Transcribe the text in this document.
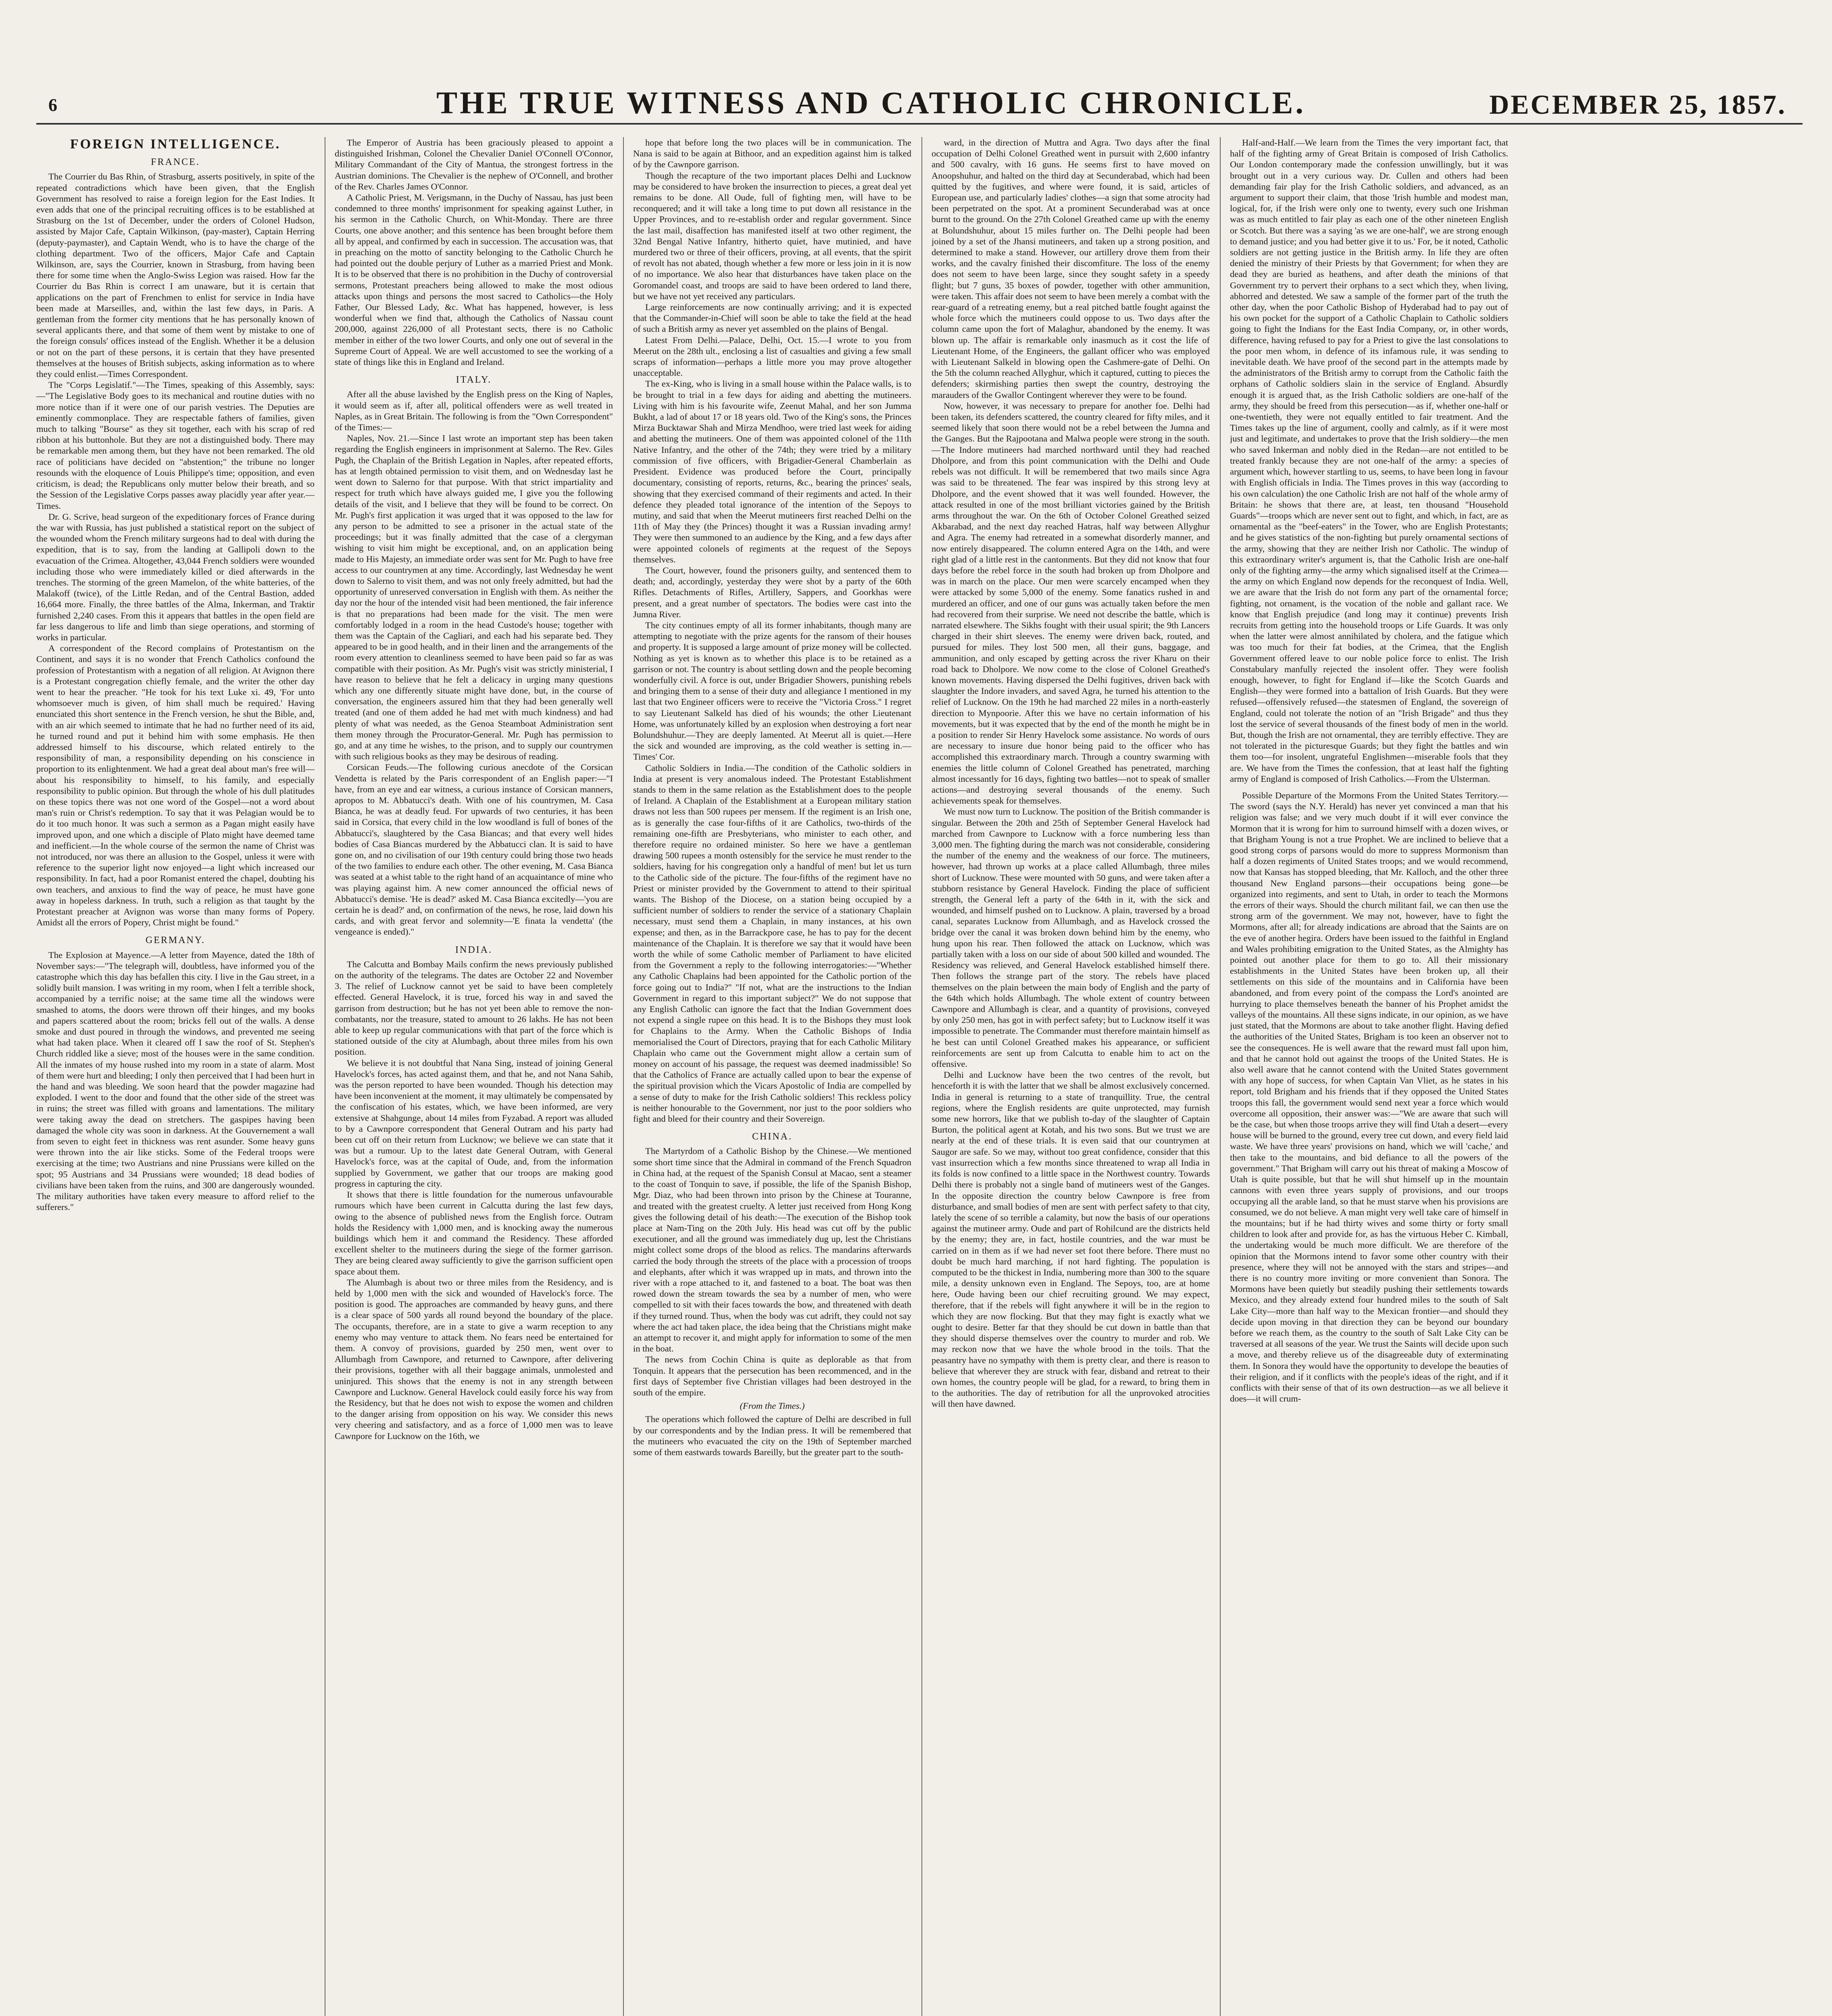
6	THE TRUE WITNESS AND CATHOLIC CHRONICLE.	DECEMBER 25, 1857.
FOREIGN INTELLIGENCE.
FRANCE.

The Courrier du Bas Rhin, of Strasburg, asserts positively, in spite of the repeated contradictions which have been given, that the English Government has resolved to raise a foreign legion for the East Indies. It even adds that one of the principal recruiting offices is to be established at Strasburg on the 1st of December, under the orders of Colonel Hudson, assisted by Major Cafe, Captain Wilkinson, (pay-master), Captain Herring (deputy-paymaster), and Captain Wendt, who is to have the charge of the clothing department. Two of the officers, Major Cafe and Captain Wilkinson, are, says the Courrier, known in Strasburg, from having been there for some time when the Anglo-Swiss Legion was raised. How far the Courrier du Bas Rhin is correct I am unaware, but it is certain that applications on the part of Frenchmen to enlist for service in India have been made at Marseilles, and, within the last few days, in Paris. A gentleman from the former city mentions that he has personally known of several applicants there, and that some of them went by mistake to one of the foreign consuls' offices instead of the English. Whether it be a delusion or not on the part of these persons, it is certain that they have presented themselves at the houses of British subjects, asking information as to where they could enlist.—Times Correspondent.

The "Corps Legislatif."—The Times, speaking of this Assembly, says:—"The Legislative Body goes to its mechanical and routine duties with no more notice than if it were one of our parish vestries. The Deputies are eminently commonplace. They are respectable fathers of families, given much to talking "Bourse" as they sit together, each with his scrap of red ribbon at his buttonhole. But they are not a distinguished body. There may be remarkable men among them, but they have not been remarked. The old race of politicians have decided on "abstention;" the tribune no longer resounds with the eloquence of Louis Philippe's time; opposition, and even criticism, is dead; the Republicans only mutter below their breath, and so the Session of the Legislative Corps passes away placidly year after year.—Times.

Dr. G. Scrive, head surgeon of the expeditionary forces of France during the war with Russia, has just published a statistical report on the subject of the wounded whom the French military surgeons had to deal with during the expedition, that is to say, from the landing at Gallipoli down to the evacuation of the Crimea. Altogether, 43,044 French soldiers were wounded including those who were immediately killed or died afterwards in the trenches. The storming of the green Mamelon, of the white batteries, of the Malakoff (twice), of the Little Redan, and of the Central Bastion, added 16,664 more. Finally, the three battles of the Alma, Inkerman, and Traktir furnished 2,240 cases. From this it appears that battles in the open field are far less dangerous to life and limb than siege operations, and storming of works in particular.

A correspondent of the Record complains of Protestantism on the Continent, and says it is no wonder that French Catholics confound the profession of Protestantism with a negation of all religion. At Avignon there is a Protestant congregation chiefly female, and the writer the other day went to hear the preacher. "He took for his text Luke xi. 49, 'For unto whomsoever much is given, of him shall much be required.' Having enunciated this short sentence in the French version, he shut the Bible, and, with an air which seemed to intimate that he had no further need of its aid, he turned round and put it behind him with some emphasis. He then addressed himself to his discourse, which related entirely to the responsibility of man, a responsibility depending on his conscience in proportion to its enlightenment. We had a great deal about man's free will—about his responsibility to himself, to his family, and especially responsibility to public opinion. But through the whole of his dull platitudes on these topics there was not one word of the Gospel—not a word about man's ruin or Christ's redemption. To say that it was Pelagian would be to do it too much honor. It was such a sermon as a Pagan might easily have improved upon, and one which a disciple of Plato might have deemed tame and inefficient.—In the whole course of the sermon the name of Christ was not introduced, nor was there an allusion to the Gospel, unless it were with reference to the superior light now enjoyed—a light which increased our responsibility. In fact, had a poor Romanist entered the chapel, doubting his own teachers, and anxious to find the way of peace, he must have gone away in hopeless darkness. In truth, such a religion as that taught by the Protestant preacher at Avignon was worse than many forms of Popery. Amidst all the errors of Popery, Christ might be found."

GERMANY.

The Explosion at Mayence.—A letter from Mayence, dated the 18th of November says:—"The telegraph will, doubtless, have informed you of the catastrophe which this day has befallen this city. I live in the Gau street, in a solidly built mansion. I was writing in my room, when I felt a terrible shock, accompanied by a terrific noise; at the same time all the windows were smashed to atoms, the doors were thrown off their hinges, and my books and papers scattered about the room; bricks fell out of the walls. A dense smoke and dust poured in through the windows, and prevented me seeing what had taken place. When it cleared off I saw the roof of St. Stephen's Church riddled like a sieve; most of the houses were in the same condition. All the inmates of my house rushed into my room in a state of alarm. Most of them were hurt and bleeding; I only then perceived that I had been hurt in the hand and was bleeding. We soon heard that the powder magazine had exploded. I went to the door and found that the other side of the street was in ruins; the street was filled with groans and lamentations. The military were taking away the dead on stretchers. The gaspipes having been damaged the whole city was soon in darkness. At the Gouvernement a wall from seven to eight feet in thickness was rent asunder. Some heavy guns were thrown into the air like sticks. Some of the Federal troops were exercising at the time; two Austrians and nine Prussians were killed on the spot; 95 Austrians and 34 Prussians were wounded; 18 dead bodies of civilians have been taken from the ruins, and 300 are dangerously wounded. The military authorities have taken every measure to afford relief to the sufferers."

The Emperor of Austria has been graciously pleased to appoint a distinguished Irishman, Colonel the Chevalier Daniel O'Connell O'Connor, Military Commandant of the City of Mantua, the strongest fortress in the Austrian dominions. The Chevalier is the nephew of O'Connell, and brother of the Rev. Charles James O'Connor.

A Catholic Priest, M. Verigsmann, in the Duchy of Nassau, has just been condemned to three months' imprisonment for speaking against Luther, in his sermon in the Catholic Church, on Whit-Monday. There are three Courts, one above another; and this sentence has been brought before them all by appeal, and confirmed by each in succession. The accusation was, that in preaching on the motto of sanctity belonging to the Catholic Church he had pointed out the double perjury of Luther as a married Priest and Monk. It is to be observed that there is no prohibition in the Duchy of controversial sermons, Protestant preachers being allowed to make the most odious attacks upon things and persons the most sacred to Catholics—the Holy Father, Our Blessed Lady, &c. What has happened, however, is less wonderful when we find that, although the Catholics of Nassau count 200,000, against 226,000 of all Protestant sects, there is no Catholic member in either of the two lower Courts, and only one out of several in the Supreme Court of Appeal. We are well accustomed to see the working of a state of things like this in England and Ireland.

ITALY.

After all the abuse lavished by the English press on the King of Naples, it would seem as if, after all, political offenders were as well treated in Naples, as in Great Britain. The following is from the "Own Correspondent" of the Times:—

Naples, Nov. 21.—Since I last wrote an important step has been taken regarding the English engineers in imprisonment at Salerno. The Rev. Giles Pugh, the Chaplain of the British Legation in Naples, after repeated efforts, has at length obtained permission to visit them, and on Wednesday last he went down to Salerno for that purpose. With that strict impartiality and respect for truth which have always guided me, I give you the following details of the visit, and I believe that they will be found to be correct. On Mr. Pugh's first application it was urged that it was opposed to the law for any person to be admitted to see a prisoner in the actual state of the proceedings; but it was finally admitted that the case of a clergyman wishing to visit him might be exceptional, and, on an application being made to His Majesty, an immediate order was sent for Mr. Pugh to have free access to our countrymen at any time. Accordingly, last Wednesday he went down to Salerno to visit them, and was not only freely admitted, but had the opportunity of unreserved conversation in English with them. As neither the day nor the hour of the intended visit had been mentioned, the fair inference is that no preparations had been made for the visit. The men were comfortably lodged in a room in the head Custode's house; together with them was the Captain of the Cagliari, and each had his separate bed. They appeared to be in good health, and in their linen and the arrangements of the room every attention to cleanliness seemed to have been paid so far as was compatible with their position. As Mr. Pugh's visit was strictly ministerial, I have reason to believe that he felt a delicacy in urging many questions which any one differently situate might have done, but, in the course of conversation, the engineers assured him that they had been generally well treated (and one of them added he had met with much kindness) and had plenty of what was needed, as the Genoa Steamboat Administration sent them money through the Procurator-General. Mr. Pugh has permission to go, and at any time he wishes, to the prison, and to supply our countrymen with such religious books as they may be desirous of reading.

Corsican Feuds.—The following curious anecdote of the Corsican Vendetta is related by the Paris correspondent of an English paper:—"I have, from an eye and ear witness, a curious instance of Corsican manners, apropos to M. Abbatucci's death. With one of his countrymen, M. Casa Bianca, he was at deadly feud. For upwards of two centuries, it has been said in Corsica, that every child in the low woodland is full of bones of the Abbatucci's, slaughtered by the Casa Biancas; and that every well hides bodies of Casa Biancas murdered by the Abbatucci clan. It is said to have gone on, and no civilisation of our 19th century could bring those two heads of the two families to endure each other. The other evening, M. Casa Bianca was seated at a whist table to the right hand of an acquaintance of mine who was playing against him. A new comer announced the official news of Abbatucci's demise. 'He is dead?' asked M. Casa Bianca excitedly—'you are certain he is dead?' and, on confirmation of the news, he rose, laid down his cards, and with great fervor and solemnity—'E finata la vendetta' (the vengeance is ended)."

INDIA.

The Calcutta and Bombay Mails confirm the news previously published on the authority of the telegrams. The dates are October 22 and November 3. The relief of Lucknow cannot yet be said to have been completely effected. General Havelock, it is true, forced his way in and saved the garrison from destruction; but he has not yet been able to remove the non-combatants, nor the treasure, stated to amount to 26 lakhs. He has not been able to keep up regular communications with that part of the force which is stationed outside of the city at Alumbagh, about three miles from his own position.

We believe it is not doubtful that Nana Sing, instead of joining General Havelock's forces, has acted against them, and that he, and not Nana Sahib, was the person reported to have been wounded. Though his detection may have been inconvenient at the moment, it may ultimately be compensated by the confiscation of his estates, which, we have been informed, are very extensive at Shahgunge, about 14 miles from Fyzabad. A report was alluded to by a Cawnpore correspondent that General Outram and his party had been cut off on their return from Lucknow; we believe we can state that it was but a rumour. Up to the latest date General Outram, with General Havelock's force, was at the capital of Oude, and, from the information supplied by Government, we gather that our troops are making good progress in capturing the city.

It shows that there is little foundation for the numerous unfavourable rumours which have been current in Calcutta during the last few days, owing to the absence of published news from the English force. Outram holds the Residency with 1,000 men, and is knocking away the numerous buildings which hem it and command the Residency. These afforded excellent shelter to the mutineers during the siege of the former garrison. They are being cleared away sufficiently to give the garrison sufficient open space about them.

The Alumbagh is about two or three miles from the Residency, and is held by 1,000 men with the sick and wounded of Havelock's force. The position is good. The approaches are commanded by heavy guns, and there is a clear space of 500 yards all round beyond the boundary of the place. The occupants, therefore, are in a state to give a warm reception to any enemy who may venture to attack them. No fears need be entertained for them. A convoy of provisions, guarded by 250 men, went over to Allumbagh from Cawnpore, and returned to Cawnpore, after delivering their provisions, together with all their baggage animals, unmolested and uninjured. This shows that the enemy is not in any strength between Cawnpore and Lucknow. General Havelock could easily force his way from the Residency, but that he does not wish to expose the women and children to the danger arising from opposition on his way. We consider this news very cheering and satisfactory, and as a force of 1,000 men was to leave Cawnpore for Lucknow on the 16th, we

hope that before long the two places will be in communication. The Nana is said to be again at Bithoor, and an expedition against him is talked of by the Cawnpore garrison.

Though the recapture of the two important places Delhi and Lucknow may be considered to have broken the insurrection to pieces, a great deal yet remains to be done. All Oude, full of fighting men, will have to be reconquered; and it will take a long time to put down all resistance in the Upper Provinces, and to re-establish order and regular government. Since the last mail, disaffection has manifested itself at two other regiment, the 32nd Bengal Native Infantry, hitherto quiet, have mutinied, and have murdered two or three of their officers, proving, at all events, that the spirit of revolt has not abated, though whether a few more or less join in it is now of no importance. We also hear that disturbances have taken place on the Goromandel coast, and troops are said to have been ordered to land there, but we have not yet received any particulars.

Large reinforcements are now continually arriving; and it is expected that the Commander-in-Chief will soon be able to take the field at the head of such a British army as never yet assembled on the plains of Bengal.

Latest From Delhi.—Palace, Delhi, Oct. 15.—I wrote to you from Meerut on the 28th ult., enclosing a list of casualties and giving a few small scraps of information—perhaps a little more you may prove altogether unacceptable.

The ex-King, who is living in a small house within the Palace walls, is to be brought to trial in a few days for aiding and abetting the mutineers. Living with him is his favourite wife, Zeenut Mahal, and her son Jumma Bukht, a lad of about 17 or 18 years old. Two of the King's sons, the Princes Mirza Bucktawar Shah and Mirza Mendhoo, were tried last week for aiding and abetting the mutineers. One of them was appointed colonel of the 11th Native Infantry, and the other of the 74th; they were tried by a military commission of five officers, with Brigadier-General Chamberlain as President. Evidence was produced before the Court, principally documentary, consisting of reports, returns, &c., bearing the princes' seals, showing that they exercised command of their regiments and acted. In their defence they pleaded total ignorance of the intention of the Sepoys to mutiny, and said that when the Meerut mutineers first reached Delhi on the 11th of May they (the Princes) thought it was a Russian invading army! They were then summoned to an audience by the King, and a few days after were appointed colonels of regiments at the request of the Sepoys themselves.

The Court, however, found the prisoners guilty, and sentenced them to death; and, accordingly, yesterday they were shot by a party of the 60th Rifles. Detachments of Rifles, Artillery, Sappers, and Goorkhas were present, and a great number of spectators. The bodies were cast into the Jumna River.

The city continues empty of all its former inhabitants, though many are attempting to negotiate with the prize agents for the ransom of their houses and property. It is supposed a large amount of prize money will be collected. Nothing as yet is known as to whether this place is to be retained as a garrison or not. The country is about settling down and the people becoming wonderfully civil. A force is out, under Brigadier Showers, punishing rebels and bringing them to a sense of their duty and allegiance I mentioned in my last that two Engineer officers were to receive the "Victoria Cross." I regret to say Lieutenant Salkeld has died of his wounds; the other Lieutenant Home, was unfortunately killed by an explosion when destroying a fort near Bolundshuhur.—They are deeply lamented. At Meerut all is quiet.—Here the sick and wounded are improving, as the cold weather is setting in.—Times' Cor.

Catholic Soldiers in India.—The condition of the Catholic soldiers in India at present is very anomalous indeed. The Protestant Establishment stands to them in the same relation as the Establishment does to the people of Ireland. A Chaplain of the Establishment at a European military station draws not less than 500 rupees per mensem. If the regiment is an Irish one, as is generally the case four-fifths of it are Catholics, two-thirds of the remaining one-fifth are Presbyterians, who minister to each other, and therefore require no ordained minister. So here we have a gentleman drawing 500 rupees a month ostensibly for the service he must render to the soldiers, having for his congregation only a handful of men! but let us turn to the Catholic side of the picture. The four-fifths of the regiment have no Priest or minister provided by the Government to attend to their spiritual wants. The Bishop of the Diocese, on a station being occupied by a sufficient number of soldiers to render the service of a stationary Chaplain necessary, must send them a Chaplain, in many instances, at his own expense; and then, as in the Barrackpore case, he has to pay for the decent maintenance of the Chaplain. It is therefore we say that it would have been worth the while of some Catholic member of Parliament to have elicited from the Government a reply to the following interrogatories:—"Whether any Catholic Chaplains had been appointed for the Catholic portion of the force going out to India?" "If not, what are the instructions to the Indian Government in regard to this important subject?" We do not suppose that any English Catholic can ignore the fact that the Indian Government does not expend a single rupee on this head. It is to the Bishops they must look for Chaplains to the Army. When the Catholic Bishops of India memorialised the Court of Directors, praying that for each Catholic Military Chaplain who came out the Government might allow a certain sum of money on account of his passage, the request was deemed inadmissible! So that the Catholics of France are actually called upon to bear the expense of the spiritual provision which the Vicars Apostolic of India are compelled by a sense of duty to make for the Irish Catholic soldiers! This reckless policy is neither honourable to the Government, nor just to the poor soldiers who fight and bleed for their country and their Sovereign.

CHINA.

The Martyrdom of a Catholic Bishop by the Chinese.—We mentioned some short time since that the Admiral in command of the French Squadron in China had, at the request of the Spanish Consul at Macao, sent a steamer to the coast of Tonquin to save, if possible, the life of the Spanish Bishop, Mgr. Diaz, who had been thrown into prison by the Chinese at Touranne, and treated with the greatest cruelty. A letter just received from Hong Kong gives the following detail of his death:—The execution of the Bishop took place at Nam-Ting on the 20th July. His head was cut off by the public executioner, and all the ground was immediately dug up, lest the Christians might collect some drops of the blood as relics. The mandarins afterwards carried the body through the streets of the place with a procession of troops and elephants, after which it was wrapped up in mats, and thrown into the river with a rope attached to it, and fastened to a boat. The boat was then rowed down the stream towards the sea by a number of men, who were compelled to sit with their faces towards the bow, and threatened with death if they turned round. Thus, when the body was cut adrift, they could not say where the act had taken place, the idea being that the Christians might make an attempt to recover it, and might apply for information to some of the men in the boat.

The news from Cochin China is quite as deplorable as that from Tonquin. It appears that the persecution has been recommenced, and in the first days of September five Christian villages had been destroyed in the south of the empire.

(From the Times.)

The operations which followed the capture of Delhi are described in full by our correspondents and by the Indian press. It will be remembered that the mutineers who evacuated the city on the 19th of September marched some of them eastwards towards Bareilly, but the greater part to the south-

ward, in the direction of Muttra and Agra. Two days after the final occupation of Delhi Colonel Greathed went in pursuit with 2,600 infantry and 500 cavalry, with 16 guns. He seems first to have moved on Anoopshuhur, and halted on the third day at Secunderabad, which had been quitted by the fugitives, and where were found, it is said, articles of European use, and particularly ladies' clothes—a sign that some atrocity had been perpetrated on the spot. At a prominent Secunderabad was at once burnt to the ground. On the 27th Colonel Greathed came up with the enemy at Bolundshuhur, about 15 miles further on. The Delhi people had been joined by a set of the Jhansi mutineers, and taken up a strong position, and determined to make a stand. However, our artillery drove them from their works, and the cavalry finished their discomfiture. The loss of the enemy does not seem to have been large, since they sought safety in a speedy flight; but 7 guns, 35 boxes of powder, together with other ammunition, were taken. This affair does not seem to have been merely a combat with the rear-guard of a retreating enemy, but a real pitched battle fought against the whole force which the mutineers could oppose to us. Two days after the column came upon the fort of Malaghur, abandoned by the enemy. It was blown up. The affair is remarkable only inasmuch as it cost the life of Lieutenant Home, of the Engineers, the gallant officer who was employed with Lieutenant Salkeld in blowing open the Cashmere-gate of Delhi. On the 5th the column reached Allyghur, which it captured, cutting to pieces the defenders; skirmishing parties then swept the country, destroying the marauders of the Gwallor Contingent wherever they were to be found.

Now, however, it was necessary to prepare for another foe. Delhi had been taken, its defenders scattered, the country cleared for fifty miles, and it seemed likely that soon there would not be a rebel between the Jumna and the Ganges. But the Rajpootana and Malwa people were strong in the south.—The Indore mutineers had marched northward until they had reached Dholpore, and from this point communication with the Delhi and Oude rebels was not difficult. It will be remembered that two mails since Agra was said to be threatened. The fear was inspired by this strong levy at Dholpore, and the event showed that it was well founded. However, the attack resulted in one of the most brilliant victories gained by the British arms throughout the war. On the 6th of October Colonel Greathed seized Akbarabad, and the next day reached Hatras, half way between Allyghur and Agra. The enemy had retreated in a somewhat disorderly manner, and now entirely disappeared. The column entered Agra on the 14th, and were right glad of a little rest in the cantonments. But they did not know that four days before the rebel force in the south had broken up from Dholpore and was in march on the place. Our men were scarcely encamped when they were attacked by some 5,000 of the enemy. Some fanatics rushed in and murdered an officer, and one of our guns was actually taken before the men had recovered from their surprise. We need not describe the battle, which is narrated elsewhere. The Sikhs fought with their usual spirit; the 9th Lancers charged in their shirt sleeves. The enemy were driven back, routed, and pursued for miles. They lost 500 men, all their guns, baggage, and ammunition, and only escaped by getting across the river Kharu on their road back to Dholpore. We now come to the close of Colonel Greathed's known movements. Having dispersed the Delhi fugitives, driven back with slaughter the Indore invaders, and saved Agra, he turned his attention to the relief of Lucknow. On the 19th he had marched 22 miles in a north-easterly direction to Mynpoorie. After this we have no certain information of his movements, but it was expected that by the end of the month he might be in a position to render Sir Henry Havelock some assistance. No words of ours are necessary to insure due honor being paid to the officer who has accomplished this extraordinary march. Through a country swarming with enemies the little column of Colonel Greathed has penetrated, marching almost incessantly for 16 days, fighting two battles—not to speak of smaller actions—and destroying several thousands of the enemy. Such achievements speak for themselves.

We must now turn to Lucknow. The position of the British commander is singular. Between the 20th and 25th of September General Havelock had marched from Cawnpore to Lucknow with a force numbering less than 3,000 men. The fighting during the march was not considerable, considering the number of the enemy and the weakness of our force. The mutineers, however, had thrown up works at a place called Allumbagh, three miles short of Lucknow. These were mounted with 50 guns, and were taken after a stubborn resistance by General Havelock. Finding the place of sufficient strength, the General left a party of the 64th in it, with the sick and wounded, and himself pushed on to Lucknow. A plain, traversed by a broad canal, separates Lucknow from Allumbagh, and as Havelock crossed the bridge over the canal it was broken down behind him by the enemy, who hung upon his rear. Then followed the attack on Lucknow, which was partially taken with a loss on our side of about 500 killed and wounded. The Residency was relieved, and General Havelock established himself there. Then follows the strange part of the story. The rebels have placed themselves on the plain between the main body of English and the party of the 64th which holds Allumbagh. The whole extent of country between Cawnpore and Allumbagh is clear, and a quantity of provisions, conveyed by only 250 men, has got in with perfect safety; but to Lucknow itself it was impossible to penetrate. The Commander must therefore maintain himself as he best can until Colonel Greathed makes his appearance, or sufficient reinforcements are sent up from Calcutta to enable him to act on the offensive.

Delhi and Lucknow have been the two centres of the revolt, but henceforth it is with the latter that we shall be almost exclusively concerned. India in general is returning to a state of tranquillity. True, the central regions, where the English residents are quite unprotected, may furnish some new horrors, like that we publish to-day of the slaughter of Captain Burton, the political agent at Kotah, and his two sons. But we trust we are nearly at the end of these trials. It is even said that our countrymen at Saugor are safe. So we may, without too great confidence, consider that this vast insurrection which a few months since threatened to wrap all India in its folds is now confined to a little space in the Northwest country. Towards Delhi there is probably not a single band of mutineers west of the Ganges. In the opposite direction the country below Cawnpore is free from disturbance, and small bodies of men are sent with perfect safety to that city, lately the scene of so terrible a calamity, but now the basis of our operations against the mutineer army. Oude and part of Rohilcund are the districts held by the enemy; they are, in fact, hostile countries, and the war must be carried on in them as if we had never set foot there before. There must no doubt be much hard marching, if not hard fighting. The population is computed to be the thickest in India, numbering more than 300 to the square mile, a density unknown even in England. The Sepoys, too, are at home here, Oude having been our chief recruiting ground. We may expect, therefore, that if the rebels will fight anywhere it will be in the region to which they are now flocking. But that they may fight is exactly what we ought to desire. Better far that they should be cut down in battle than that they should disperse themselves over the country to murder and rob. We may reckon now that we have the whole brood in the toils. That the peasantry have no sympathy with them is pretty clear, and there is reason to believe that wherever they are struck with fear, disband and retreat to their own homes, the country people will be glad, for a reward, to bring them in to the authorities. The day of retribution for all the unprovoked atrocities will then have dawned.

Half-and-Half.—We learn from the Times the very important fact, that half of the fighting army of Great Britain is composed of Irish Catholics. Our London contemporary made the confession unwillingly, but it was brought out in a very curious way. Dr. Cullen and others had been demanding fair play for the Irish Catholic soldiers, and advanced, as an argument to support their claim, that those 'Irish humble and modest man, logical, for, if the Irish were only one to twenty, every such one Irishman was as much entitled to fair play as each one of the other nineteen English or Scotch. But there was a saying 'as we are one-half', we are strong enough to demand justice; and you had better give it to us.' For, be it noted, Catholic soldiers are not getting justice in the British army. In life they are often denied the ministry of their Priests by that Government; for when they are dead they are buried as heathens, and after death the minions of that Government try to pervert their orphans to a sect which they, when living, abhorred and detested. We saw a sample of the former part of the truth the other day, when the poor Catholic Bishop of Hyderabad had to pay out of his own pocket for the support of a Catholic Chaplain to Catholic soldiers going to fight the Indians for the East India Company, or, in other words, difference, having refused to pay for a Priest to give the last consolations to the poor men whom, in defence of its infamous rule, it was sending to inevitable death. We have proof of the second part in the attempts made by the administrators of the British army to corrupt from the Catholic faith the orphans of Catholic soldiers slain in the service of England. Absurdly enough it is argued that, as the Irish Catholic soldiers are one-half of the army, they should be freed from this persecution—as if, whether one-half or one-twentieth, they were not equally entitled to fair treatment. And the Times takes up the line of argument, coolly and calmly, as if it were most just and legitimate, and undertakes to prove that the Irish soldiery—the men who saved Inkerman and nobly died in the Redan—are not entitled to be treated frankly because they are not one-half of the army: a species of argument which, however startling to us, seems, to have been long in favour with English officials in India. The Times proves in this way (according to his own calculation) the one Catholic Irish are not half of the whole army of Britain: he shows that there are, at least, ten thousand "Household Guards"—troops which are never sent out to fight, and which, in fact, are as ornamental as the "beef-eaters" in the Tower, who are English Protestants; and he gives statistics of the non-fighting but purely ornamental sections of the army, showing that they are neither Irish nor Catholic. The windup of this extraordinary writer's argument is, that the Catholic Irish are one-half only of the fighting army—the army which signalised itself at the Crimea—the army on which England now depends for the reconquest of India. Well, we are aware that the Irish do not form any part of the ornamental force; fighting, not ornament, is the vocation of the noble and gallant race. We know that English prejudice (and long may it continue) prevents Irish recruits from getting into the household troops or Life Guards. It was only when the latter were almost annihilated by cholera, and the fatigue which was too much for their fat bodies, at the Crimea, that the English Government offered leave to our noble police force to enlist. The Irish Constabulary manfully rejected the insolent offer. They were foolish enough, however, to fight for England if—like the Scotch Guards and English—they were formed into a battalion of Irish Guards. But they were refused—offensively refused—the statesmen of England, the sovereign of England, could not tolerate the notion of an "Irish Brigade" and thus they lost the service of several thousands of the finest body of men in the world. But, though the Irish are not ornamental, they are terribly effective. They are not tolerated in the picturesque Guards; but they fight the battles and win them too—for insolent, ungrateful Englishmen—miserable fools that they are. We have from the Times the confession, that at least half the fighting army of England is composed of Irish Catholics.—From the Ulsterman.

Possible Departure of the Mormons From the United States Territory.—The sword (says the N.Y. Herald) has never yet convinced a man that his religion was false; and we very much doubt if it will ever convince the Mormon that it is wrong for him to surround himself with a dozen wives, or that Brigham Young is not a true Prophet. We are inclined to believe that a good strong corps of parsons would do more to suppress Mormonism than half a dozen regiments of United States troops; and we would recommend, now that Kansas has stopped bleeding, that Mr. Kalloch, and the other three thousand New England parsons—their occupations being gone—be organized into regiments, and sent to Utah, in order to teach the Mormons the errors of their ways. Should the church militant fail, we can then use the strong arm of the government. We may not, however, have to fight the Mormons, after all; for already indications are abroad that the Saints are on the eve of another hegira. Orders have been issued to the faithful in England and Wales prohibiting emigration to the United States, as the Almighty has pointed out another place for them to go to. All their missionary establishments in the United States have been broken up, all their settlements on this side of the mountains and in California have been abandoned, and from every point of the compass the Lord's anointed are hurrying to place themselves beneath the banner of his Prophet amidst the valleys of the mountains. All these signs indicate, in our opinion, as we have just stated, that the Mormons are about to take another flight. Having defied the authorities of the United States, Brigham is too keen an observer not to see the consequences. He is well aware that the reward must fall upon him, and that he cannot hold out against the troops of the United States. He is also well aware that he cannot contend with the United States government with any hope of success, for when Captain Van Vliet, as he states in his report, told Brigham and his friends that if they opposed the United States troops this fall, the government would send next year a force which would overcome all opposition, their answer was:—"We are aware that such will be the case, but when those troops arrive they will find Utah a desert—every house will be burned to the ground, every tree cut down, and every field laid waste. We have three years' provisions on hand, which we will 'cache,' and then take to the mountains, and bid defiance to all the powers of the government." That Brigham will carry out his threat of making a Moscow of Utah is quite possible, but that he will shut himself up in the mountain cannons with even three years supply of provisions, and our troops occupying all the arable land, so that he must starve when his provisions are consumed, we do not believe. A man might very well take care of himself in the mountains; but if he had thirty wives and some thirty or forty small children to look after and provide for, as has the virtuous Heber C. Kimball, the undertaking would be much more difficult. We are therefore of the opinion that the Mormons intend to favor some other country with their presence, where they will not be annoyed with the stars and stripes—and there is no country more inviting or more convenient than Sonora. The Mormons have been quietly but steadily pushing their settlements towards Mexico, and they already extend four hundred miles to the south of Salt Lake City—more than half way to the Mexican frontier—and should they decide upon moving in that direction they can be beyond our boundary before we reach them, as the country to the south of Salt Lake City can be traversed at all seasons of the year. We trust the Saints will decide upon such a move, and thereby relieve us of the disagreeable duty of exterminating them. In Sonora they would have the opportunity to develope the beauties of their religion, and if it conflicts with the people's ideas of the right, and if it conflicts with their sense of that of its own destruction—as we all believe it does—it will crum-
